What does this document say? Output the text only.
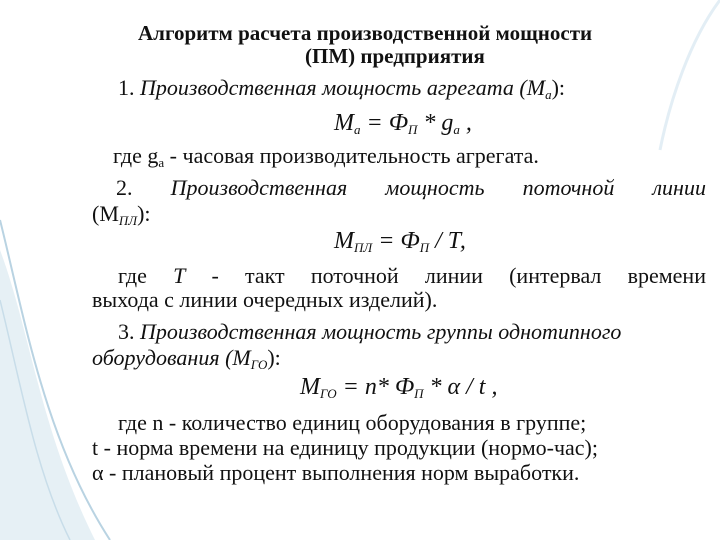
Алгоритм расчета производственной мощности
(ПМ) предприятия
1. Производственная мощность агрегата $(М_а)$:
$М_а = Ф_П * g_а$ ,
где $g_a$ - часовая производительность агрегата.
2. Производственная мощность поточной линии
$(М_{ПЛ})$:
$М_{ПЛ} = Ф_П / Т$,
где Т - такт поточной линии (интервал времени
выхода с линии очередных изделий).
3. Производственная мощность группы однотипного
оборудования $(М_{ГО})$:
$М_{ГО} = n*$ $Ф_П$ * α / t ,
где n - количество единиц оборудования в группе;
t - норма времени на единицу продукции (нормо-час);
α - плановый процент выполнения норм выработки.
